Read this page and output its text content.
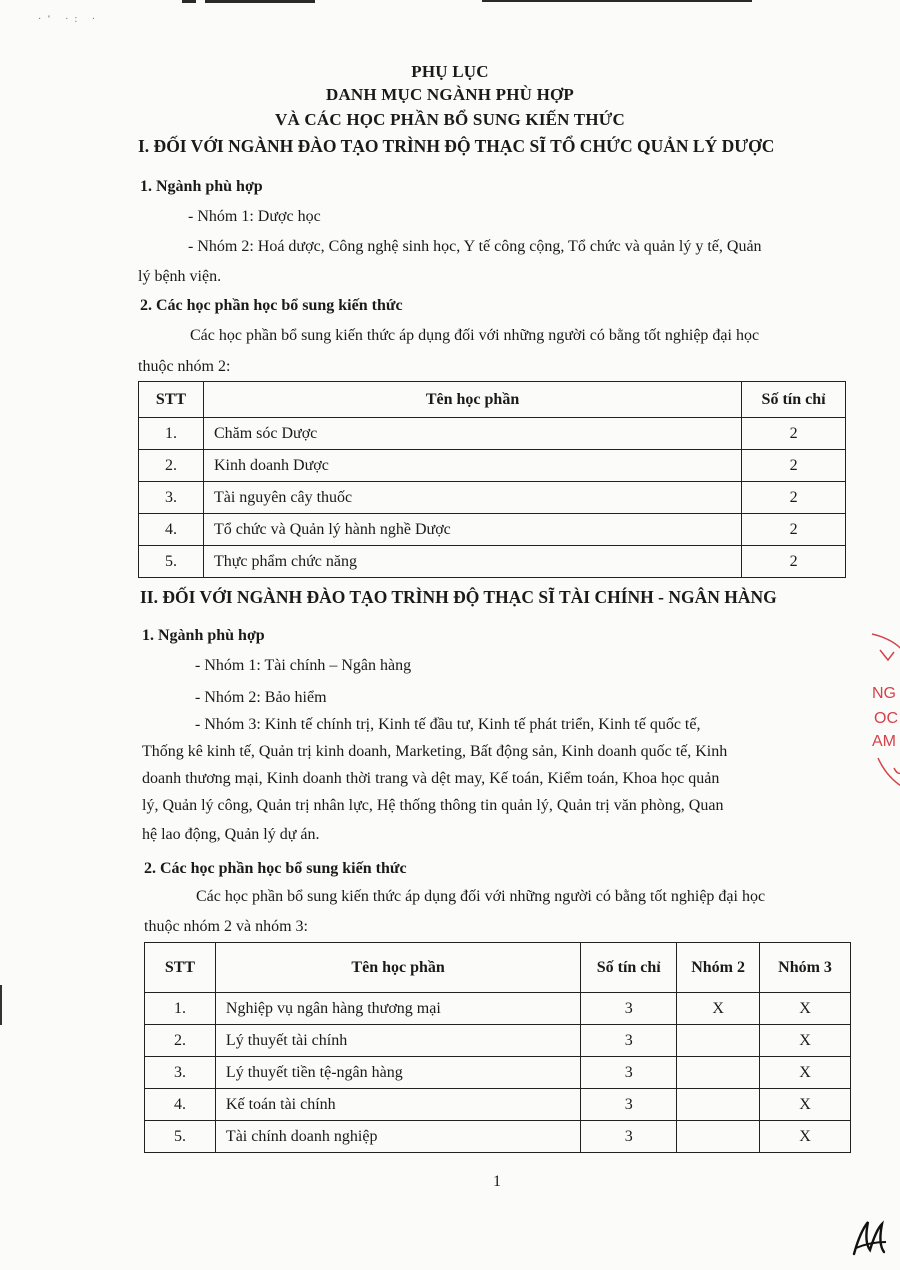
·‘ ·: ·
PHỤ LỤC
DANH MỤC NGÀNH PHÙ HỢP
VÀ CÁC HỌC PHẦN BỔ SUNG KIẾN THỨC
I. ĐỐI VỚI NGÀNH ĐÀO TẠO TRÌNH ĐỘ THẠC SĨ TỔ CHỨC QUẢN LÝ DƯỢC
1. Ngành phù hợp
- Nhóm 1: Dược học
- Nhóm 2: Hoá dược, Công nghệ sinh học, Y tế công cộng, Tổ chức và quản lý y tế, Quản
lý bệnh viện.
2. Các học phần học bổ sung kiến thức
Các học phần bổ sung kiến thức áp dụng đối với những người có bằng tốt nghiệp đại học
thuộc nhóm 2:
STT	Tên học phần	Số tín chỉ
1.	Chăm sóc Dược	2
2.	Kinh doanh Dược	2
3.	Tài nguyên cây thuốc	2
4.	Tổ chức và Quản lý hành nghề Dược	2
5.	Thực phẩm chức năng	2
II. ĐỐI VỚI NGÀNH ĐÀO TẠO TRÌNH ĐỘ THẠC SĨ TÀI CHÍNH - NGÂN HÀNG
1. Ngành phù hợp
- Nhóm 1: Tài chính – Ngân hàng
- Nhóm 2: Bảo hiểm
- Nhóm 3: Kinh tế chính trị, Kinh tế đầu tư, Kinh tế phát triển, Kinh tế quốc tế,
Thống kê kinh tế, Quản trị kinh doanh, Marketing, Bất động sản, Kinh doanh quốc tế, Kinh
doanh thương mại, Kinh doanh thời trang và dệt may, Kế toán, Kiểm toán, Khoa học quản
lý, Quản lý công, Quản trị nhân lực, Hệ thống thông tin quản lý, Quản trị văn phòng, Quan
hệ lao động, Quản lý dự án.
2. Các học phần học bổ sung kiến thức
Các học phần bổ sung kiến thức áp dụng đối với những người có bằng tốt nghiệp đại học
thuộc nhóm 2 và nhóm 3:
STT	Tên học phần	Số tín chỉ	Nhóm 2	Nhóm 3
1.	Nghiệp vụ ngân hàng thương mại	3	X	X
2.	Lý thuyết tài chính	3		X
3.	Lý thuyết tiền tệ-ngân hàng	3		X
4.	Kế toán tài chính	3		X
5.	Tài chính doanh nghiệp	3		X
NG
OC
AM
1
